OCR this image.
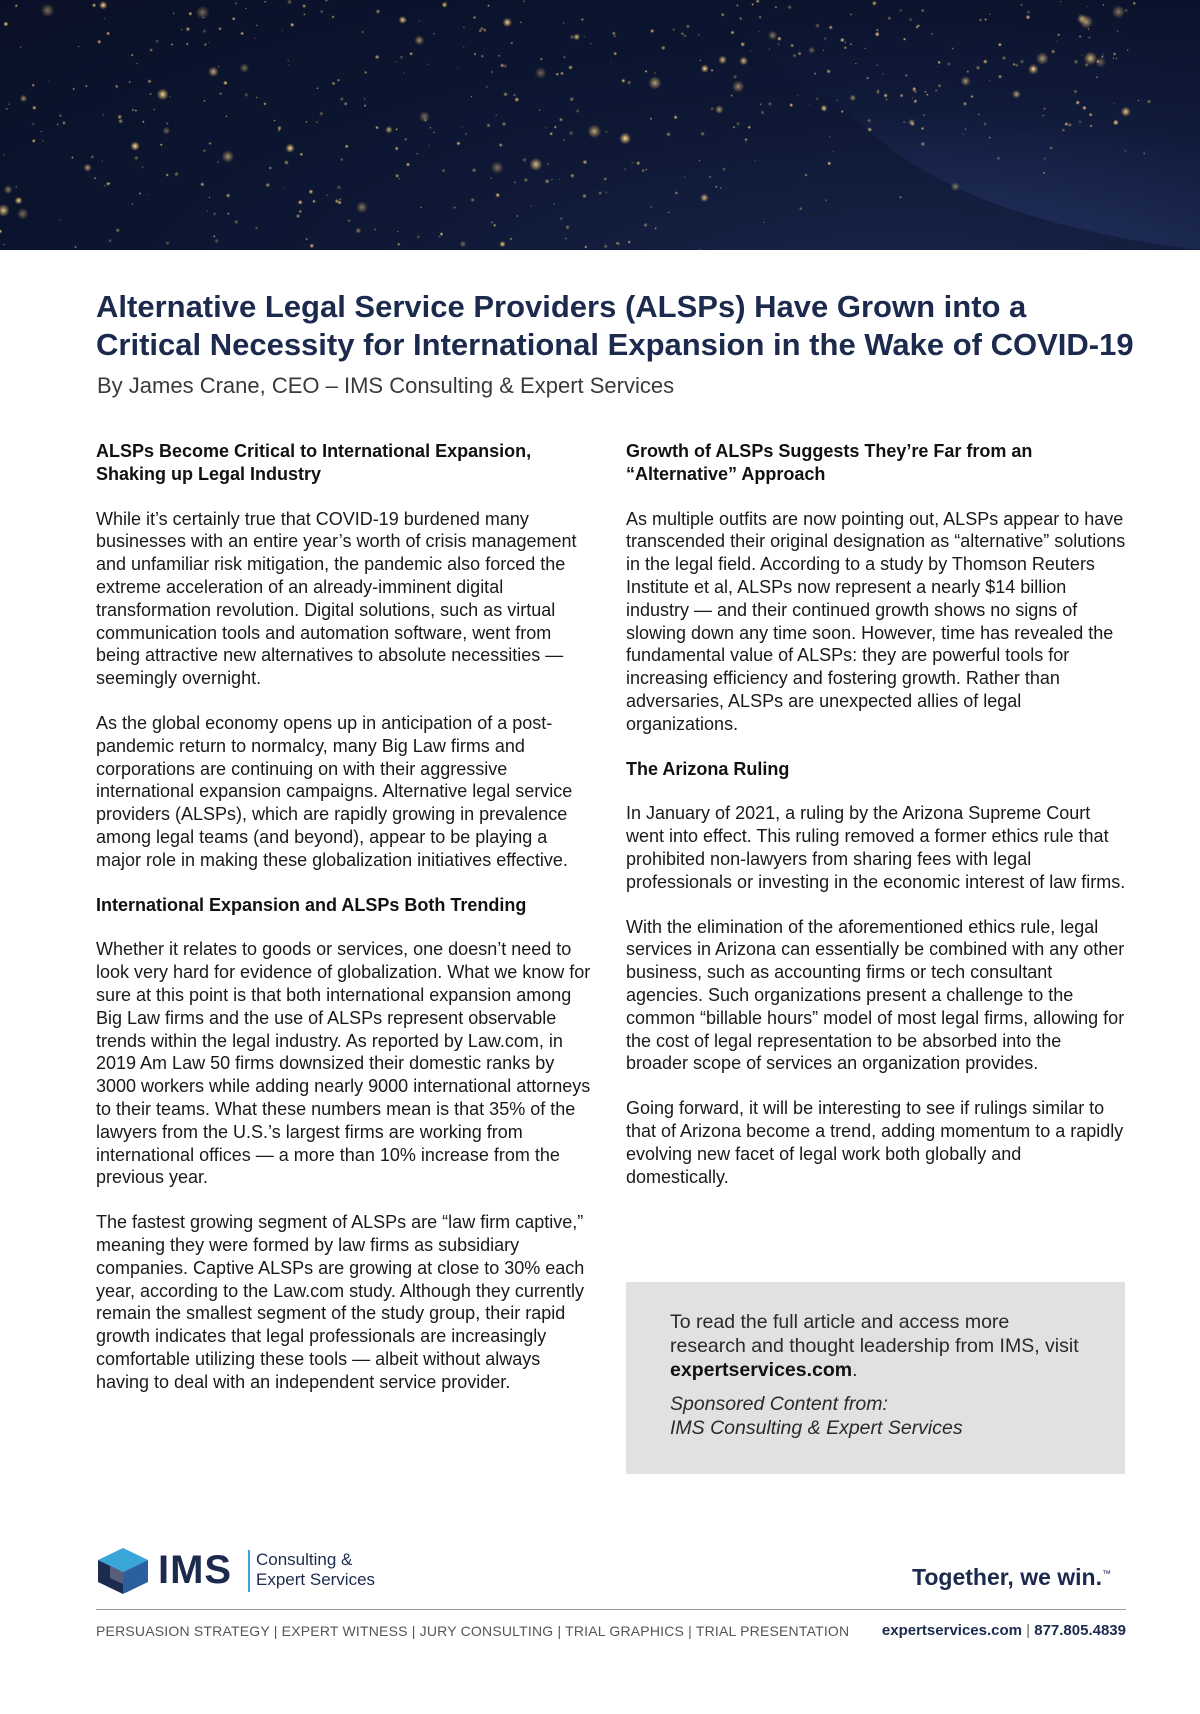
Alternative Legal Service Providers (ALSPs) Have Grown into a Critical Necessity for International Expansion in the Wake of COVID-19
By James Crane, CEO – IMS Consulting & Expert Services
ALSPs Become Critical to International Expansion, Shaking up Legal Industry

While it’s certainly true that COVID-19 burdened many businesses with an entire year’s worth of crisis management and unfamiliar risk mitigation, the pandemic also forced the extreme acceleration of an already-imminent digital transformation revolution. Digital solutions, such as virtual communication tools and automation software, went from being attractive new alternatives to absolute necessities — seemingly overnight.

As the global economy opens up in anticipation of a post-pandemic return to normalcy, many Big Law firms and corporations are continuing on with their aggressive international expansion campaigns. Alternative legal service providers (ALSPs), which are rapidly growing in prevalence among legal teams (and beyond), appear to be playing a major role in making these globalization initiatives effective.

International Expansion and ALSPs Both Trending

Whether it relates to goods or services, one doesn’t need to look very hard for evidence of globalization. What we know for sure at this point is that both international expansion among Big Law firms and the use of ALSPs represent observable trends within the legal industry. As reported by Law.com, in 2019 Am Law 50 firms downsized their domestic ranks by 3000 workers while adding nearly 9000 international attorneys to their teams. What these numbers mean is that 35% of the lawyers from the U.S.’s largest firms are working from international offices — a more than 10% increase from the previous year.

The fastest growing segment of ALSPs are “law firm captive,” meaning they were formed by law firms as subsidiary companies. Captive ALSPs are growing at close to 30% each year, according to the Law.com study. Although they currently remain the smallest segment of the study group, their rapid growth indicates that legal professionals are increasingly comfortable utilizing these tools — albeit without always having to deal with an independent service provider.

Growth of ALSPs Suggests They’re Far from an “Alternative” Approach

As multiple outfits are now pointing out, ALSPs appear to have transcended their original designation as “alternative” solutions in the legal field. According to a study by Thomson Reuters Institute et al, ALSPs now represent a nearly $14 billion industry — and their continued growth shows no signs of slowing down any time soon. However, time has revealed the fundamental value of ALSPs: they are powerful tools for increasing efficiency and fostering growth. Rather than adversaries, ALSPs are unexpected allies of legal organizations.

The Arizona Ruling

In January of 2021, a ruling by the Arizona Supreme Court went into effect. This ruling removed a former ethics rule that prohibited non-lawyers from sharing fees with legal professionals or investing in the economic interest of law firms.

With the elimination of the aforementioned ethics rule, legal services in Arizona can essentially be combined with any other business, such as accounting firms or tech consultant agencies. Such organizations present a challenge to the common “billable hours” model of most legal firms, allowing for the cost of legal representation to be absorbed into the broader scope of services an organization provides.

Going forward, it will be interesting to see if rulings similar to that of Arizona become a trend, adding momentum to a rapidly evolving new facet of legal work both globally and domestically.

To read the full article and access more research and thought leadership from IMS, visit expertservices.com.

Sponsored Content from:
IMS Consulting & Expert Services

IMS Consulting &
Expert Services	Together, we win.™
PERSUASION STRATEGY | EXPERT WITNESS | JURY CONSULTING | TRIAL GRAPHICS | TRIAL PRESENTATION	expertservices.com | 877.805.4839
